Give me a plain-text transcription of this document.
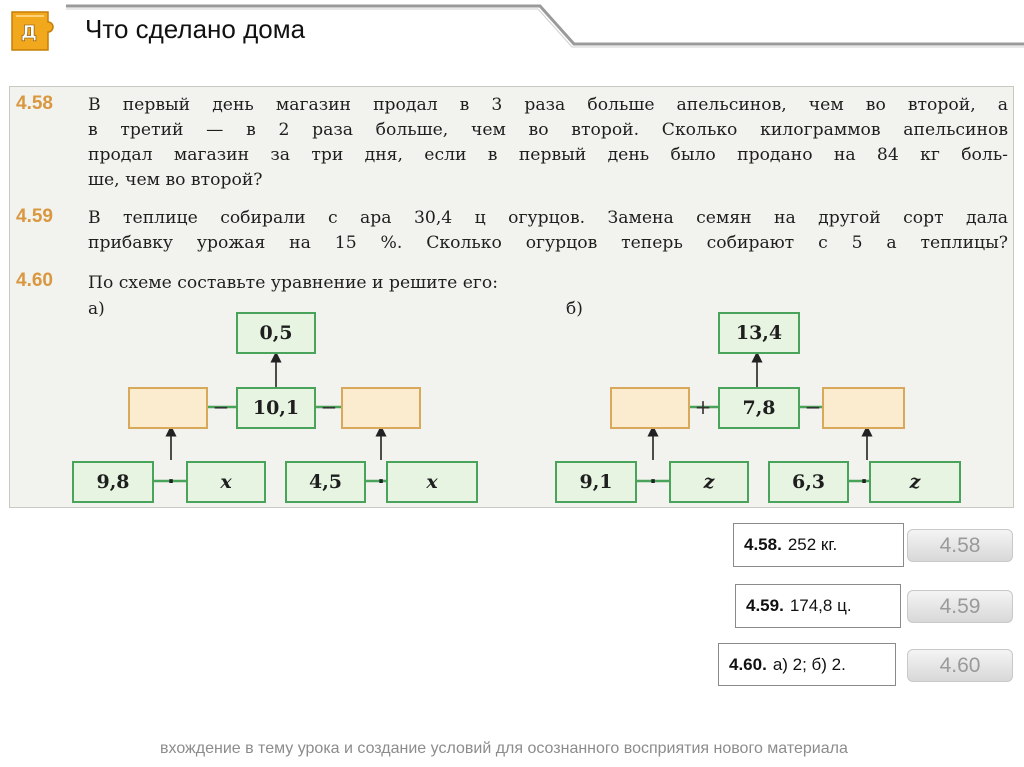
Д Что сделано дома
4.58 В первый день магазин продал в 3 раза больше апельсинов, чем во второй, а
в третий — в 2 раза больше, чем во второй. Сколько килограммов апельсинов
продал магазин за три дня, если в первый день было продано на 84 кг боль-
ше, чем во второй?
4.59 В теплице собирали с ара 30,4 ц огурцов. Замена семян на другой сорт дала
прибавку урожая на 15 %. Сколько огурцов теперь собирают с 5 а теплицы?
4.60 По схеме составьте уравнение и решите его:
а)
0,5
−	10,1	−
9,8	·	x	4,5	·	x
б)
13,4
+	7,8	−
9,1	·	z	6,3	·	z
4.58. 252 кг.	4.58
4.59. 174,8 ц.	4.59
4.60. а) 2; б) 2.	4.60
вхождение в тему урока и создание условий для осознанного восприятия нового материала
